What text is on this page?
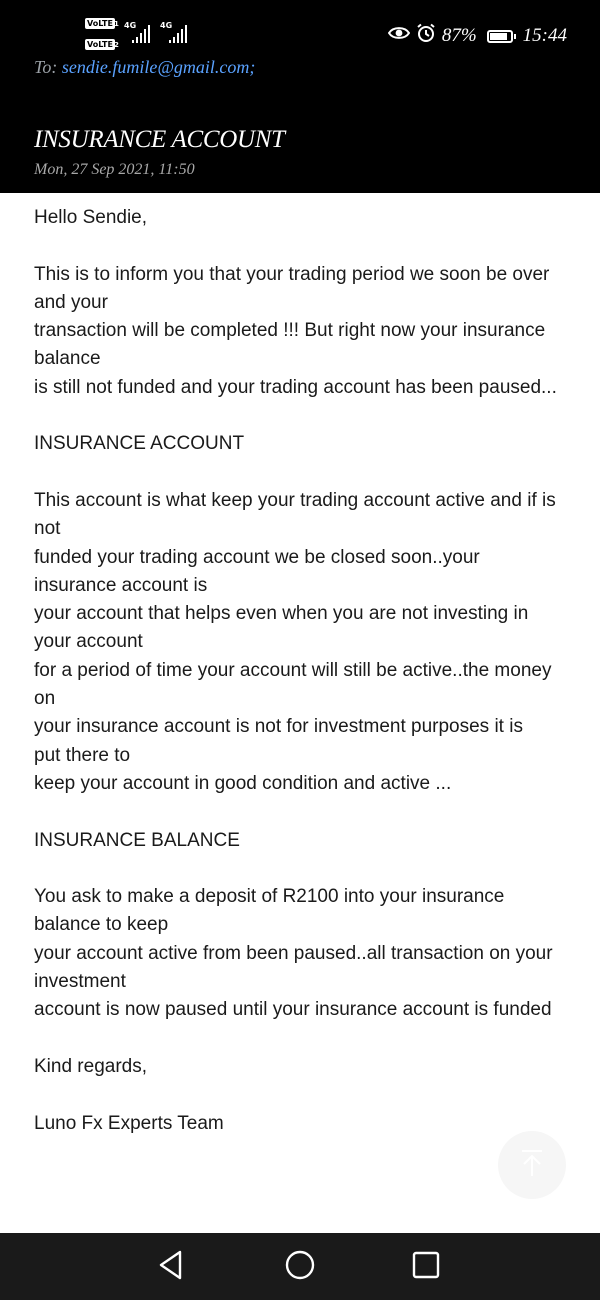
VoLTE 1
VoLTE 2
4G	4G	87% 15:44
To: sendie.fumile@gmail.com;
INSURANCE ACCOUNT
Mon, 27 Sep 2021, 11:50

Hello Sendie,

This is to inform you that your trading period we soon be over
and your
transaction will be completed !!! But right now your insurance
balance
is still not funded and your trading account has been paused...

INSURANCE ACCOUNT

This account is what keep your trading account active and if is
not
funded your trading account we be closed soon..your
insurance account is
your account that helps even when you are not investing in
your account
for a period of time your account will still be active..the money
on
your insurance account is not for investment purposes it is
put there to
keep your account in good condition and active ...

INSURANCE BALANCE

You ask to make a deposit of R2100 into your insurance
balance to keep
your account active from been paused..all transaction on your
investment
account is now paused until your insurance account is funded

Kind regards,

Luno Fx Experts Team
